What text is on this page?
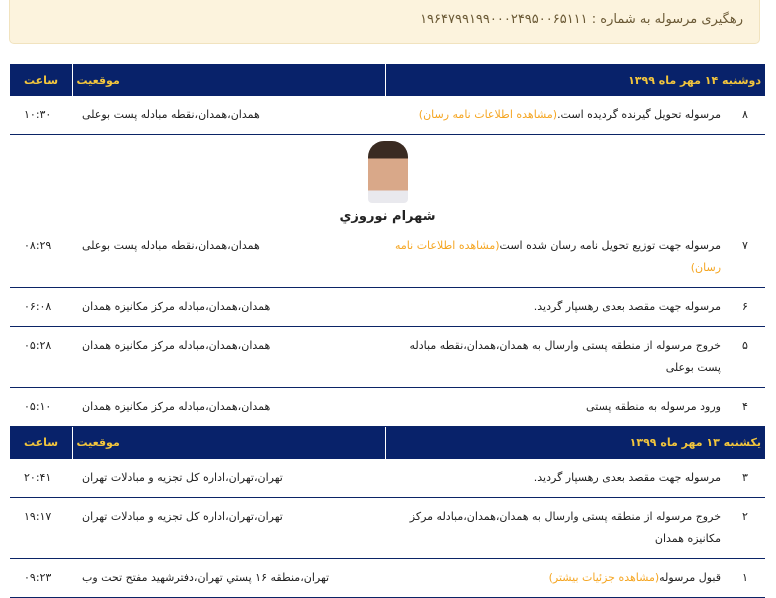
رهگیری مرسوله به شماره : ۱۹۶۴۷۹۹۱۹۹۰۰۰۲۴۹۵۰۰۶۵۱۱۱
دوشنبه ۱۴ مهر ماه ۱۳۹۹		موقعیت	ساعت
۸	مرسوله تحویل گیرنده گردیده است.(مشاهده اطلاعات نامه رسان)	همدان،همدان،نقطه مبادله پست بوعلی	۱۰:۳۰

شهرام نوروزي			

۷	مرسوله جهت توزیع تحویل نامه رسان شده است(مشاهده اطلاعات نامه رسان)	همدان،همدان،نقطه مبادله پست بوعلی	۰۸:۲۹
۶	مرسوله جهت مقصد بعدی رهسپار گردید.	همدان،همدان،مبادله مرکز مکانیزه همدان	۰۶:۰۸
۵	خروج مرسوله از منطقه پستی وارسال به همدان،همدان،نقطه مبادله پست بوعلی	همدان،همدان،مبادله مرکز مکانیزه همدان	۰۵:۲۸
۴	ورود مرسوله به منطقه پستی	همدان،همدان،مبادله مرکز مکانیزه همدان	۰۵:۱۰
یکشنبه ۱۳ مهر ماه ۱۳۹۹		موقعیت	ساعت
۳	مرسوله جهت مقصد بعدی رهسپار گردید.	تهران،تهران،اداره کل تجزیه و مبادلات تهران	۲۰:۴۱
۲	خروج مرسوله از منطقه پستی وارسال به همدان،همدان،مبادله مرکز مکانیزه همدان	تهران،تهران،اداره کل تجزیه و مبادلات تهران	۱۹:۱۷
۱	قبول مرسوله(مشاهده جزئیات بیشتر)	تهران،منطقه ۱۶ پستي تهران،دفترشهید مفتح تحت وب	۰۹:۲۳
